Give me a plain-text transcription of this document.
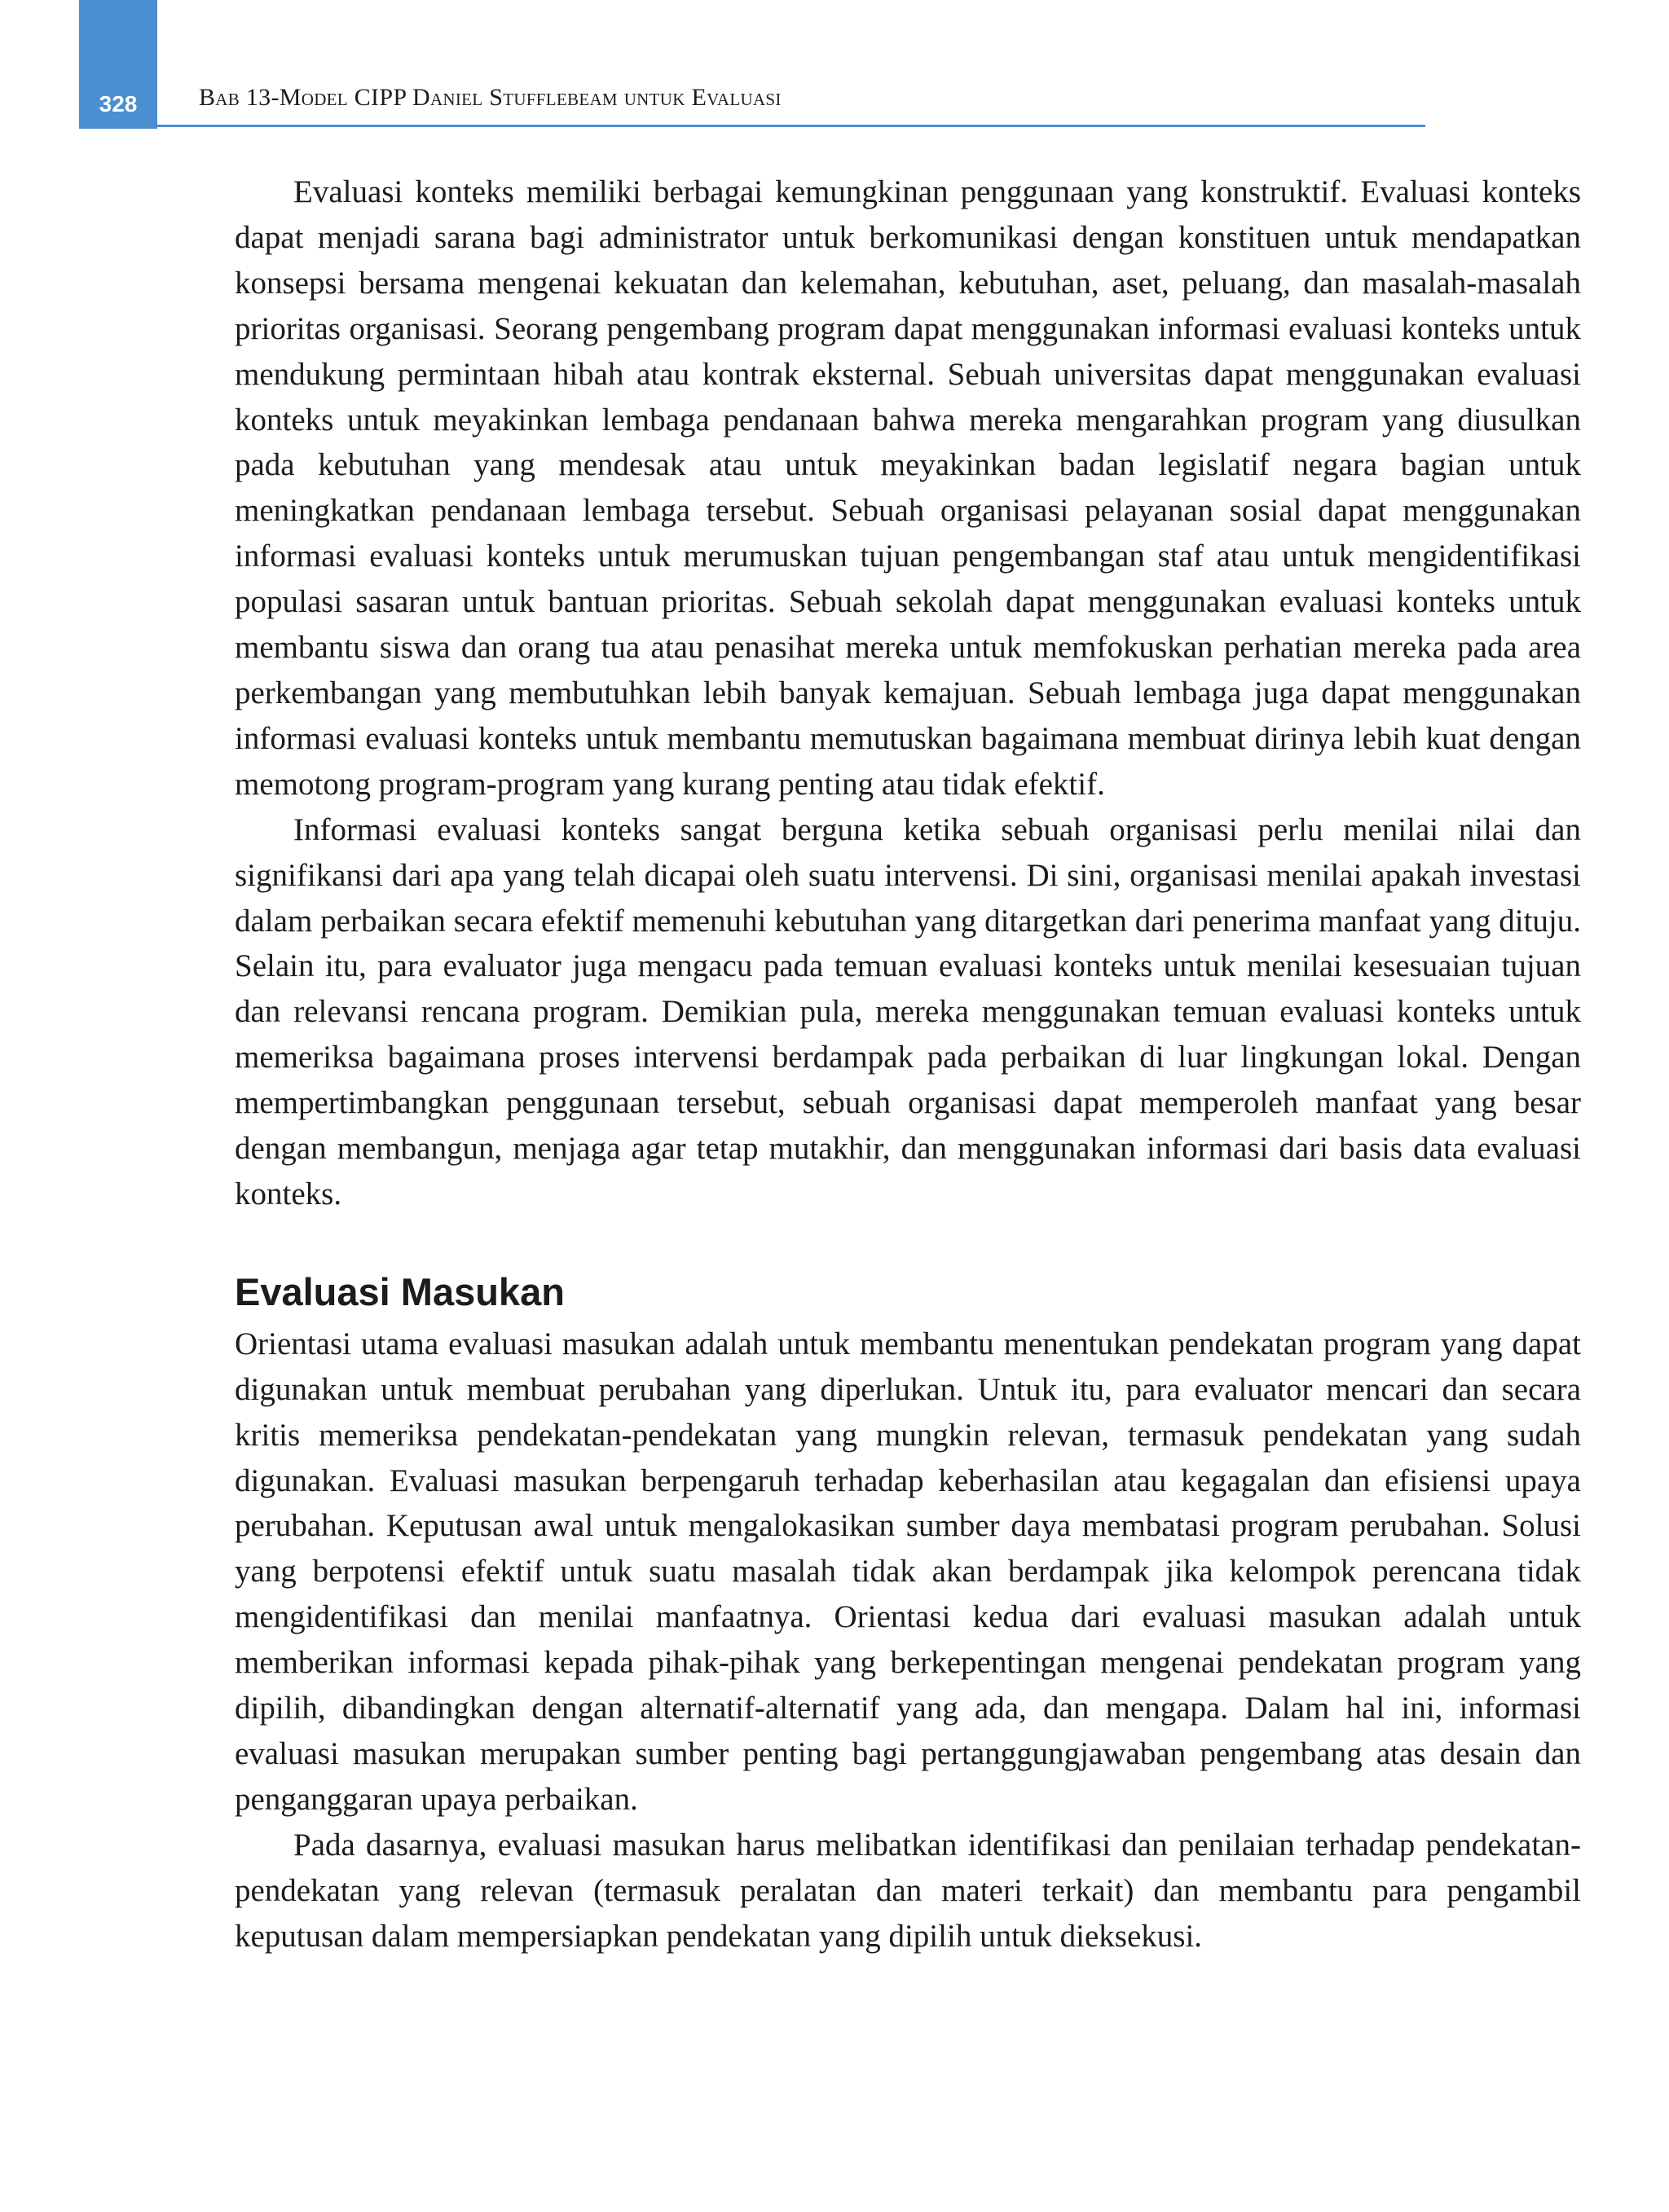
328	Bab 13-Model CIPP Daniel Stufflebeam untuk Evaluasi

Evaluasi konteks memiliki berbagai kemungkinan penggunaan yang konstruktif. Evaluasi konteks dapat menjadi sarana bagi administrator untuk berkomunikasi dengan konstituen untuk mendapatkan konsepsi bersama mengenai kekuatan dan kelemahan, kebutuhan, aset, peluang, dan masalah-masalah prioritas organisasi. Seorang pengembang program dapat menggunakan informasi evaluasi konteks untuk mendukung permintaan hibah atau kontrak eksternal. Sebuah universitas dapat menggunakan evaluasi konteks untuk meyakinkan lembaga pendanaan bahwa mereka mengarahkan program yang diusulkan pada kebutuhan yang mendesak atau untuk meyakinkan badan legislatif negara bagian untuk meningkatkan pendanaan lembaga tersebut. Sebuah organisasi pelayanan sosial dapat menggunakan informasi evaluasi konteks untuk merumuskan tujuan pengembangan staf atau untuk mengidentifikasi populasi sasaran untuk bantuan prioritas. Sebuah sekolah dapat menggunakan evaluasi konteks untuk membantu siswa dan orang tua atau penasihat mereka untuk memfokuskan perhatian mereka pada area perkembangan yang membutuhkan lebih banyak kemajuan. Sebuah lembaga juga dapat menggunakan informasi evaluasi konteks untuk membantu memutuskan bagaimana membuat dirinya lebih kuat dengan memotong program-program yang kurang penting atau tidak efektif.

Informasi evaluasi konteks sangat berguna ketika sebuah organisasi perlu menilai nilai dan signifikansi dari apa yang telah dicapai oleh suatu intervensi. Di sini, organisasi menilai apakah investasi dalam perbaikan secara efektif memenuhi kebutuhan yang ditargetkan dari penerima manfaat yang dituju. Selain itu, para evaluator juga mengacu pada temuan evaluasi konteks untuk menilai kesesuaian tujuan dan relevansi rencana program. Demikian pula, mereka menggunakan temuan evaluasi konteks untuk memeriksa bagaimana proses intervensi berdampak pada perbaikan di luar lingkungan lokal. Dengan mempertimbangkan penggunaan tersebut, sebuah organisasi dapat memperoleh manfaat yang besar dengan membangun, menjaga agar tetap mutakhir, dan menggunakan informasi dari basis data evaluasi konteks.

Evaluasi Masukan

Orientasi utama evaluasi masukan adalah untuk membantu menentukan pendekatan program yang dapat digunakan untuk membuat perubahan yang diperlukan. Untuk itu, para evaluator mencari dan secara kritis memeriksa pendekatan-pendekatan yang mungkin relevan, termasuk pendekatan yang sudah digunakan. Evaluasi masukan berpengaruh terhadap keberhasilan atau kegagalan dan efisiensi upaya perubahan. Keputusan awal untuk mengalokasikan sumber daya membatasi program perubahan. Solusi yang berpotensi efektif untuk suatu masalah tidak akan berdampak jika kelompok perencana tidak mengidentifikasi dan menilai manfaatnya. Orientasi kedua dari evaluasi masukan adalah untuk memberikan informasi kepada pihak-pihak yang berkepentingan mengenai pendekatan program yang dipilih, dibandingkan dengan alternatif-alternatif yang ada, dan mengapa. Dalam hal ini, informasi evaluasi masukan merupakan sumber penting bagi pertanggungjawaban pengembang atas desain dan penganggaran upaya perbaikan.

Pada dasarnya, evaluasi masukan harus melibatkan identifikasi dan penilaian terhadap pendekatan-pendekatan yang relevan (termasuk peralatan dan materi terkait) dan membantu para pengambil keputusan dalam mempersiapkan pendekatan yang dipilih untuk dieksekusi.
